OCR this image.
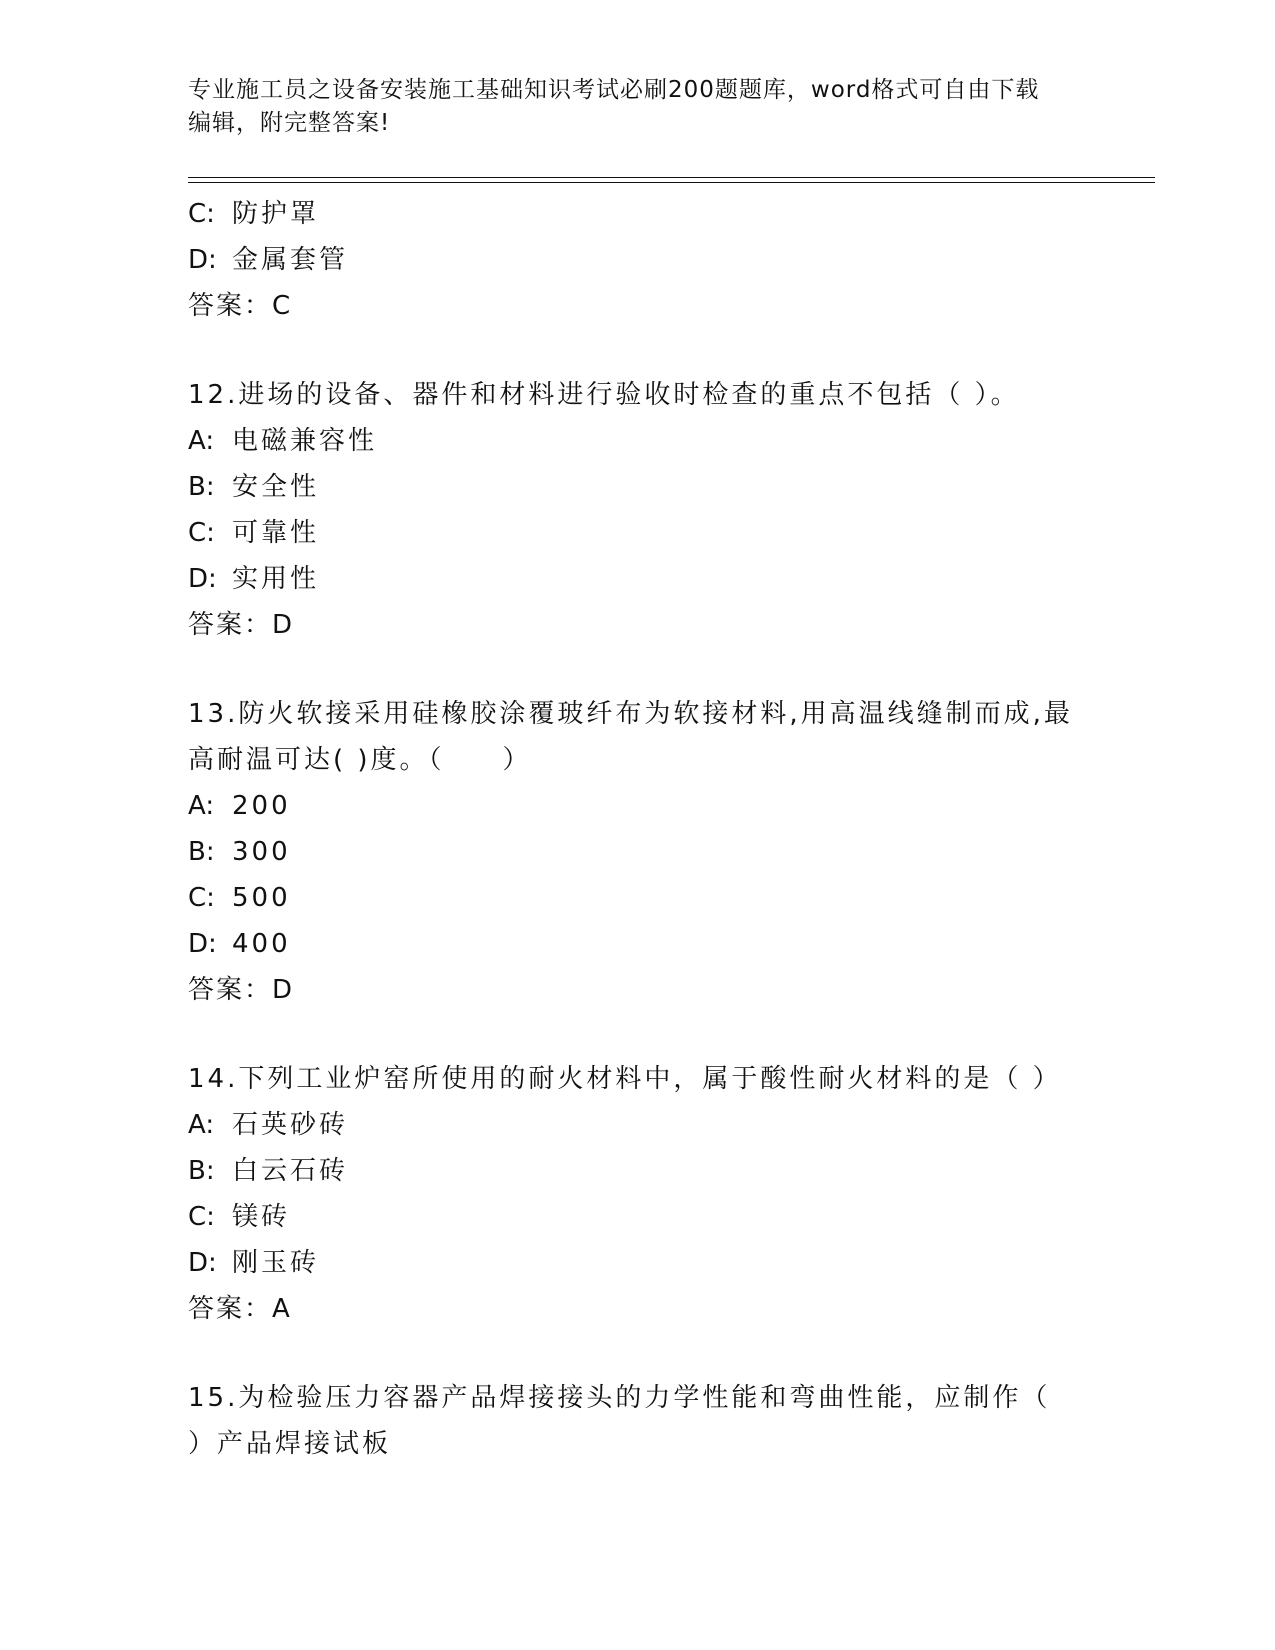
专业施工员之设备安装施工基础知识考试必刷200题题库，word格式可自由下载
编辑，附完整答案!
C: 防护罩
D: 金属套管
答案：C
12.进场的设备、器件和材料进行验收时检查的重点不包括（ ）。
A: 电磁兼容性
B: 安全性
C: 可靠性
D: 实用性
答案：D
13.防火软接采用硅橡胶涂覆玻纤布为软接材料,用高温线缝制而成,最
高耐温可达( )度。（　　）
A: 200
B: 300
C: 500
D: 400
答案：D
14.下列工业炉窑所使用的耐火材料中，属于酸性耐火材料的是（ ）
A: 石英砂砖
B: 白云石砖
C: 镁砖
D: 刚玉砖
答案：A
15.为检验压力容器产品焊接接头的力学性能和弯曲性能，应制作（
）产品焊接试板
